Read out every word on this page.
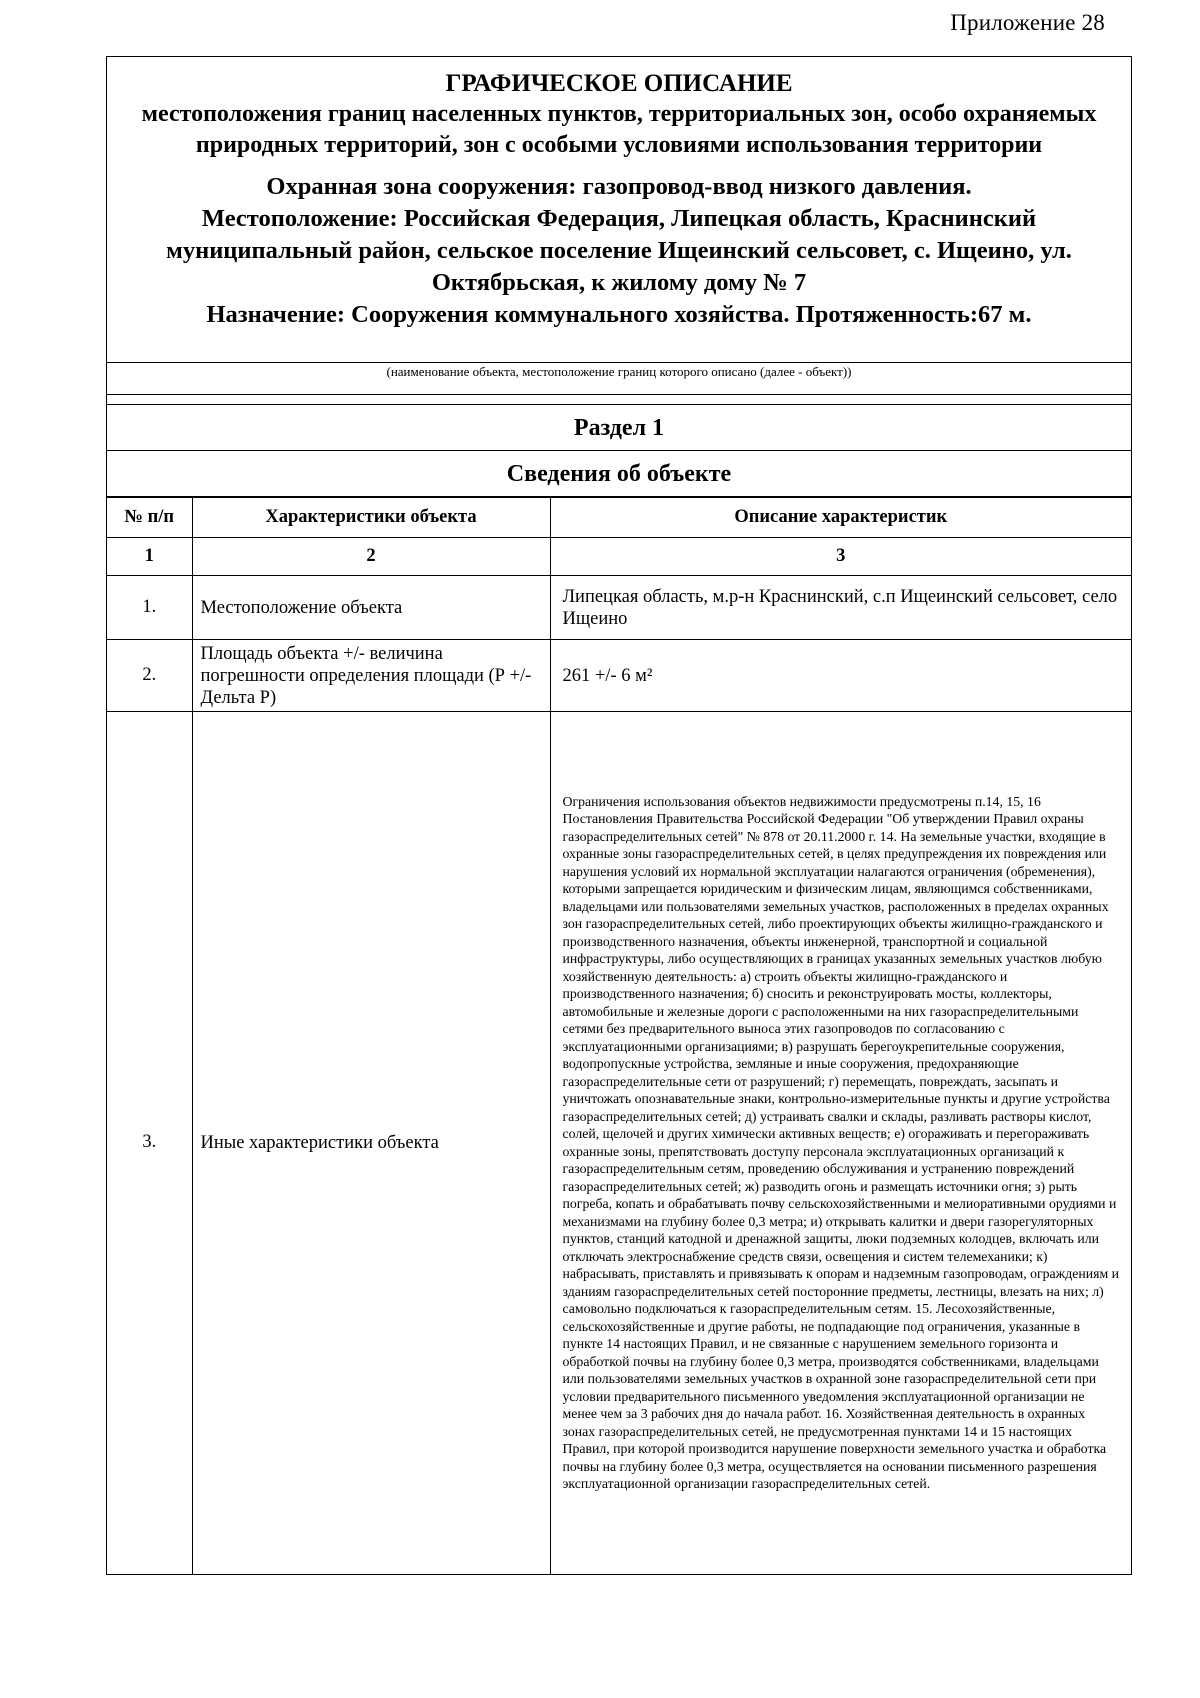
Приложение 28
ГРАФИЧЕСКОЕ ОПИСАНИЕ
местоположения границ населенных пунктов, территориальных зон, особо охраняемых природных территорий, зон с особыми условиями использования территории
Охранная зона сооружения: газопровод-ввод низкого давления.
Местоположение: Российская Федерация, Липецкая область, Краснинский муниципальный район, сельское поселение Ищеинский сельсовет, с. Ищеино, ул. Октябрьская, к жилому дому № 7
Назначение: Сооружения коммунального хозяйства. Протяженность:67 м.
(наименование объекта, местоположение границ которого описано (далее - объект))
Раздел 1
Сведения об объекте
№ п/п	Характеристики объекта	Описание характеристик
1	2	3
1.	Местоположение объекта	Липецкая область, м.р-н Краснинский, с.п Ищеинский сельсовет, село Ищеино
2.	Площадь объекта +/- величина погрешности определения площади (Р +/- Дельта Р)	261 +/- 6 м²
3.	Иные характеристики объекта	Ограничения использования объектов недвижимости предусмотрены п.14, 15, 16 Постановления Правительства Российской Федерации "Об утверждении Правил охраны газораспределительных сетей" № 878 от 20.11.2000 г. 14. На земельные участки, входящие в охранные зоны газораспределительных сетей, в целях предупреждения их повреждения или нарушения условий их нормальной эксплуатации налагаются ограничения (обременения), которыми запрещается юридическим и физическим лицам, являющимся собственниками, владельцами или пользователями земельных участков, расположенных в пределах охранных зон газораспределительных сетей, либо проектирующих объекты жилищно-гражданского и производственного назначения, объекты инженерной, транспортной и социальной инфраструктуры, либо осуществляющих в границах указанных земельных участков любую хозяйственную деятельность: а) строить объекты жилищно-гражданского и производственного назначения; б) сносить и реконструировать мосты, коллекторы, автомобильные и железные дороги с расположенными на них газораспределительными сетями без предварительного выноса этих газопроводов по согласованию с эксплуатационными организациями; в) разрушать берегоукрепительные сооружения, водопропускные устройства, земляные и иные сооружения, предохраняющие газораспределительные сети от разрушений; г) перемещать, повреждать, засыпать и уничтожать опознавательные знаки, контрольно-измерительные пункты и другие устройства газораспределительных сетей; д) устраивать свалки и склады, разливать растворы кислот, солей, щелочей и других химически активных веществ; е) огораживать и перегораживать охранные зоны, препятствовать доступу персонала эксплуатационных организаций к газораспределительным сетям, проведению обслуживания и устранению повреждений газораспределительных сетей; ж) разводить огонь и размещать источники огня; з) рыть погреба, копать и обрабатывать почву сельскохозяйственными и мелиоративными орудиями и механизмами на глубину более 0,3 метра; и) открывать калитки и двери газорегуляторных пунктов, станций катодной и дренажной защиты, люки подземных колодцев, включать или отключать электроснабжение средств связи, освещения и систем телемеханики; к) набрасывать, приставлять и привязывать к опорам и надземным газопроводам, ограждениям и зданиям газораспределительных сетей посторонние предметы, лестницы, влезать на них; л) самовольно подключаться к газораспределительным сетям. 15. Лесохозяйственные, сельскохозяйственные и другие работы, не подпадающие под ограничения, указанные в пункте 14 настоящих Правил, и не связанные с нарушением земельного горизонта и обработкой почвы на глубину более 0,3 метра, производятся собственниками, владельцами или пользователями земельных участков в охранной зоне газораспределительной сети при условии предварительного письменного уведомления эксплуатационной организации не менее чем за 3 рабочих дня до начала работ. 16. Хозяйственная деятельность в охранных зонах газораспределительных сетей, не предусмотренная пунктами 14 и 15 настоящих Правил, при которой производится нарушение поверхности земельного участка и обработка почвы на глубину более 0,3 метра, осуществляется на основании письменного разрешения эксплуатационной организации газораспределительных сетей.
